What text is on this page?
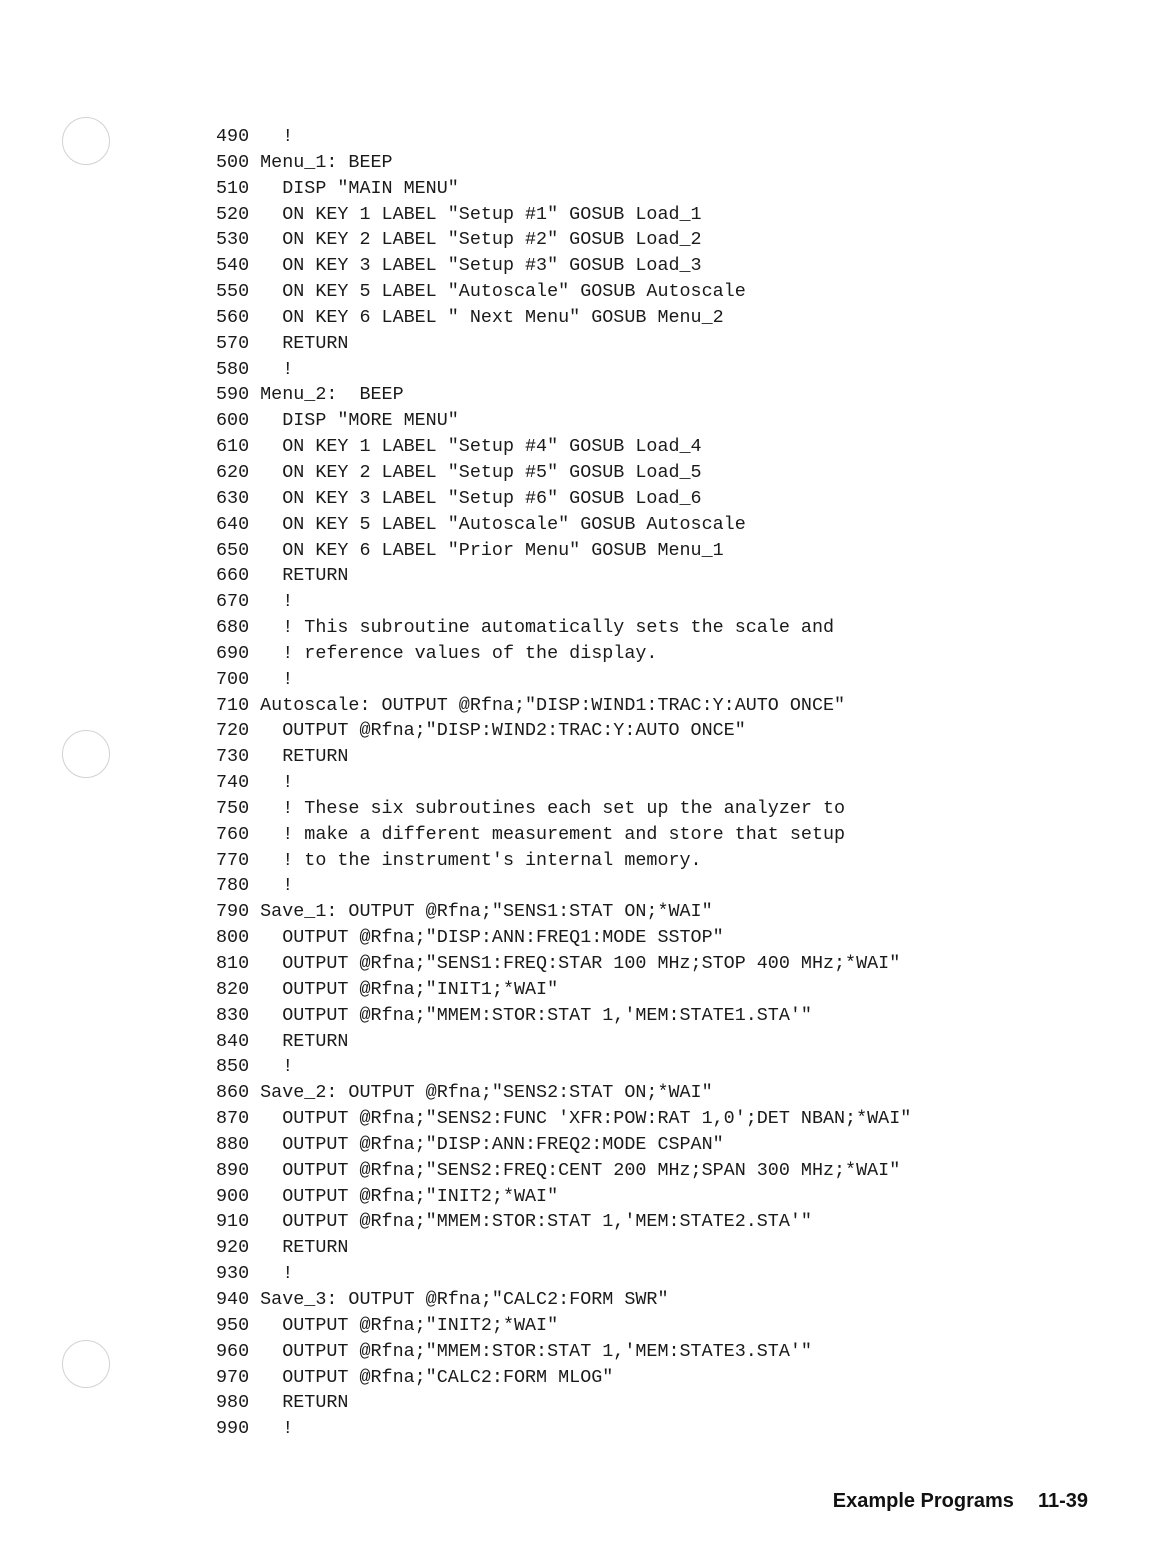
490   !
500 Menu_1: BEEP
510   DISP "MAIN MENU"
520   ON KEY 1 LABEL "Setup #1" GOSUB Load_1
530   ON KEY 2 LABEL "Setup #2" GOSUB Load_2
540   ON KEY 3 LABEL "Setup #3" GOSUB Load_3
550   ON KEY 5 LABEL "Autoscale" GOSUB Autoscale
560   ON KEY 6 LABEL " Next Menu" GOSUB Menu_2
570   RETURN
580   !
590 Menu_2:  BEEP
600   DISP "MORE MENU"
610   ON KEY 1 LABEL "Setup #4" GOSUB Load_4
620   ON KEY 2 LABEL "Setup #5" GOSUB Load_5
630   ON KEY 3 LABEL "Setup #6" GOSUB Load_6
640   ON KEY 5 LABEL "Autoscale" GOSUB Autoscale
650   ON KEY 6 LABEL "Prior Menu" GOSUB Menu_1
660   RETURN
670   !
680   ! This subroutine automatically sets the scale and
690   ! reference values of the display.
700   !
710 Autoscale: OUTPUT @Rfna;"DISP:WIND1:TRAC:Y:AUTO ONCE"
720   OUTPUT @Rfna;"DISP:WIND2:TRAC:Y:AUTO ONCE"
730   RETURN
740   !
750   ! These six subroutines each set up the analyzer to
760   ! make a different measurement and store that setup
770   ! to the instrument's internal memory.
780   !
790 Save_1: OUTPUT @Rfna;"SENS1:STAT ON;*WAI"
800   OUTPUT @Rfna;"DISP:ANN:FREQ1:MODE SSTOP"
810   OUTPUT @Rfna;"SENS1:FREQ:STAR 100 MHz;STOP 400 MHz;*WAI"
820   OUTPUT @Rfna;"INIT1;*WAI"
830   OUTPUT @Rfna;"MMEM:STOR:STAT 1,'MEM:STATE1.STA'"
840   RETURN
850   !
860 Save_2: OUTPUT @Rfna;"SENS2:STAT ON;*WAI"
870   OUTPUT @Rfna;"SENS2:FUNC 'XFR:POW:RAT 1,0';DET NBAN;*WAI"
880   OUTPUT @Rfna;"DISP:ANN:FREQ2:MODE CSPAN"
890   OUTPUT @Rfna;"SENS2:FREQ:CENT 200 MHz;SPAN 300 MHz;*WAI"
900   OUTPUT @Rfna;"INIT2;*WAI"
910   OUTPUT @Rfna;"MMEM:STOR:STAT 1,'MEM:STATE2.STA'"
920   RETURN
930   !
940 Save_3: OUTPUT @Rfna;"CALC2:FORM SWR"
950   OUTPUT @Rfna;"INIT2;*WAI"
960   OUTPUT @Rfna;"MMEM:STOR:STAT 1,'MEM:STATE3.STA'"
970   OUTPUT @Rfna;"CALC2:FORM MLOG"
980   RETURN
990   !

Example Programs 11-39
